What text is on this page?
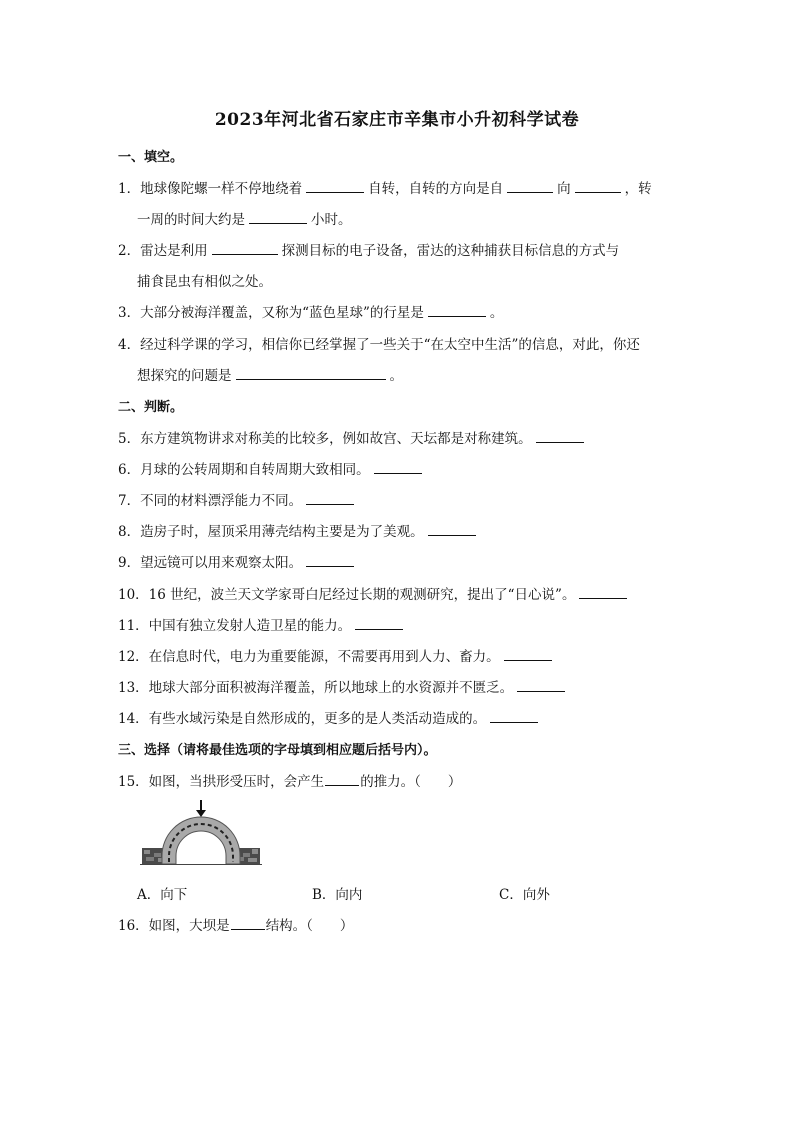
2023年河北省石家庄市辛集市小升初科学试卷
一、填空。
1．地球像陀螺一样不停地绕着	自转，自转的方向是自	向	，转
一周的时间大约是	小时。
2．雷达是利用	探测目标的电子设备，雷达的这种捕获目标信息的方式与
捕食昆虫有相似之处。
3．大部分被海洋覆盖，又称为“蓝色星球”的行星是	。
4．经过科学课的学习，相信你已经掌握了一些关于“在太空中生活”的信息，对此，你还
想探究的问题是	。
二、判断。
5．东方建筑物讲求对称美的比较多，例如故宫、天坛都是对称建筑。
6．月球的公转周期和自转周期大致相同。
7．不同的材料漂浮能力不同。
8．造房子时，屋顶采用薄壳结构主要是为了美观。
9．望远镜可以用来观察太阳。
10．16 世纪，波兰天文学家哥白尼经过长期的观测研究，提出了“日心说”。
11．中国有独立发射人造卫星的能力。
12．在信息时代，电力为重要能源，不需要再用到人力、畜力。
13．地球大部分面积被海洋覆盖，所以地球上的水资源并不匮乏。
14．有些水域污染是自然形成的，更多的是人类活动造成的。
三、选择（请将最佳选项的字母填到相应题后括号内）。
15．如图，当拱形受压时，会产生	的推力。（　　）
A．向下	B．向内	C．向外
16．如图，大坝是	结构。（　　）
